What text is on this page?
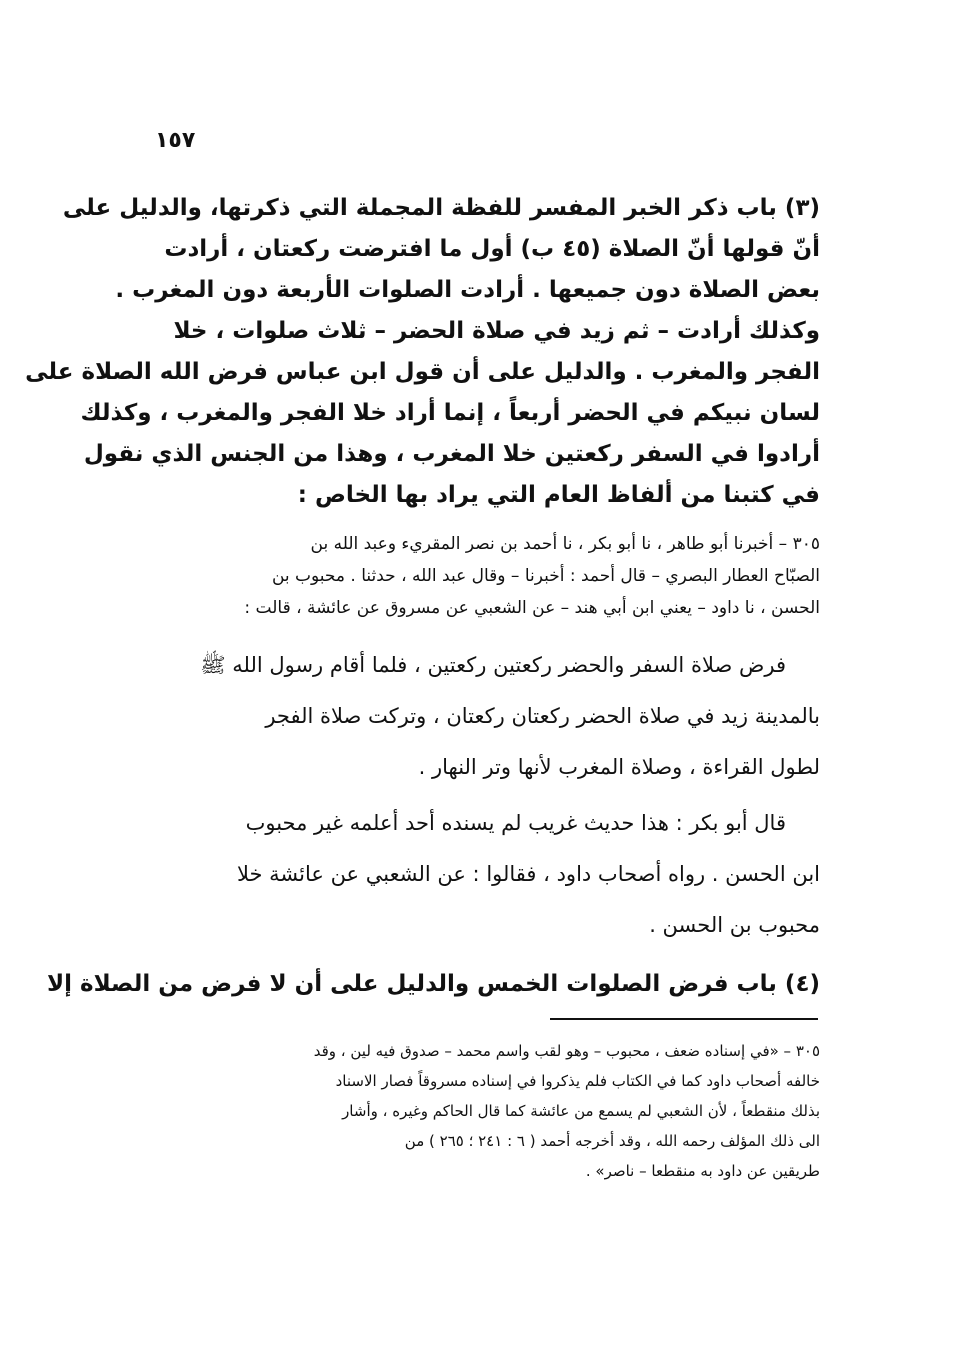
١٥٧
(٣) باب ذكر الخبر المفسر للفظة المجملة التي ذكرتها، والدليل على
أنّ قولها أنّ الصلاة (٤٥ ب) أول ما افترضت ركعتان ، أرادت
بعض الصلاة دون جميعها . أرادت الصلوات الأربعة دون المغرب .
وكذلك أرادت – ثم زيد في صلاة الحضر – ثلاث صلوات ، خلا
الفجر والمغرب . والدليل على أن قول ابن عباس فرض الله الصلاة على
لسان نبيكم في الحضر أربعاً ، إنما أراد خلا الفجر والمغرب ، وكذلك
أرادوا في السفر ركعتين خلا المغرب ، وهذا من الجنس الذي نقول
في كتبنا من ألفاظ العام التي يراد بها الخاص :
٣٠٥ – أخبرنا أبو طاهر ، نا أبو بكر ، نا أحمد بن نصر المقريء وعبد الله بن
الصبّاح العطار البصري – قال أحمد : أخبرنا – وقال عبد الله ، حدثنا . محبوب بن
الحسن ، نا داود – يعني ابن أبي هند – عن الشعبي عن مسروق عن عائشة ، قالت :
فرض صلاة السفر والحضر ركعتين ركعتين ، فلما أقام رسول الله ﷺ
بالمدينة زيد في صلاة الحضر ركعتان ركعتان ، وتركت صلاة الفجر
لطول القراءة ، وصلاة المغرب لأنها وتر النهار .
قال أبو بكر : هذا حديث غريب لم يسنده أحد أعلمه غير محبوب
ابن الحسن . رواه أصحاب داود ، فقالوا : عن الشعبي عن عائشة خلا
محبوب بن الحسن .
(٤) باب فرض الصلوات الخمس والدليل على أن لا فرض من الصلاة إلا
٣٠٥ – «في إسناده ضعف ، محبوب – وهو لقب واسم محمد – صدوق فيه لين ، وقد
خالفه أصحاب داود كما في الكتاب فلم يذكروا في إسناده مسروقاً فصار الاسناد
بذلك منقطعاً ، لأن الشعبي لم يسمع من عائشة كما قال الحاكم وغيره ، وأشار
الى ذلك المؤلف رحمه الله ، وقد أخرجه أحمد ( ٦ : ٢٤١ ؛ ٢٦٥ ) من
طريقين عن داود به منقطعا – ناصر» .
